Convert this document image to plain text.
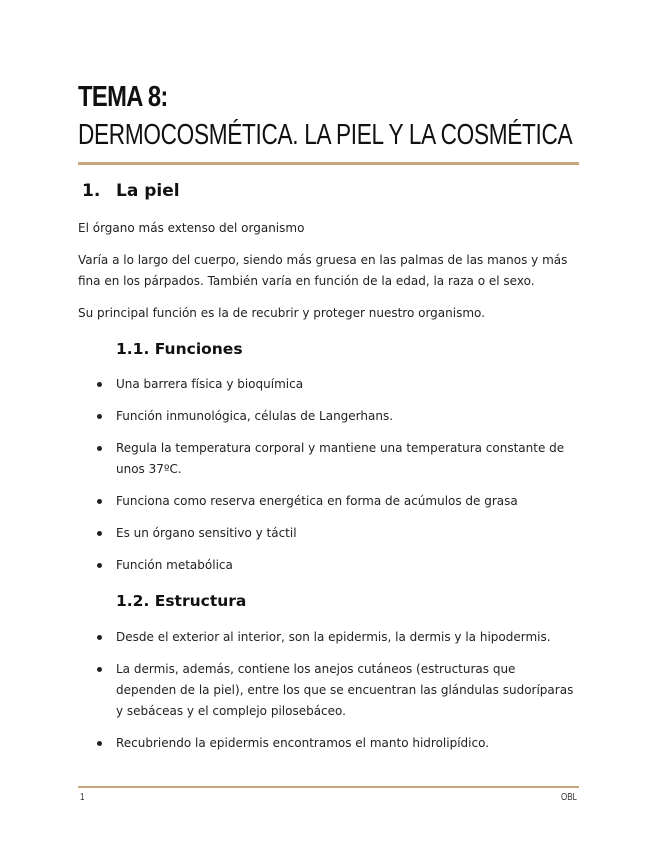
TEMA 8:
DERMOCOSMÉTICA. LA PIEL Y LA COSMÉTICA
1. La piel
El órgano más extenso del organismo
Varía a lo largo del cuerpo, siendo más gruesa en las palmas de las manos y más fina en los párpados. También varía en función de la edad, la raza o el sexo.
Su principal función es la de recubrir y proteger nuestro organismo.
1.1. Funciones
Una barrera física y bioquímica
Función inmunológica, células de Langerhans.
Regula la temperatura corporal y mantiene una temperatura constante de unos 37ºC.
Funciona como reserva energética en forma de acúmulos de grasa
Es un órgano sensitivo y táctil
Función metabólica
1.2. Estructura
Desde el exterior al interior, son la epidermis, la dermis y la hipodermis.
La dermis, además, contiene los anejos cutáneos (estructuras que dependen de la piel), entre los que se encuentran las glándulas sudoríparas y sebáceas y el complejo pilosebáceo.
Recubriendo la epidermis encontramos el manto hidrolipídico.
1	OBL
